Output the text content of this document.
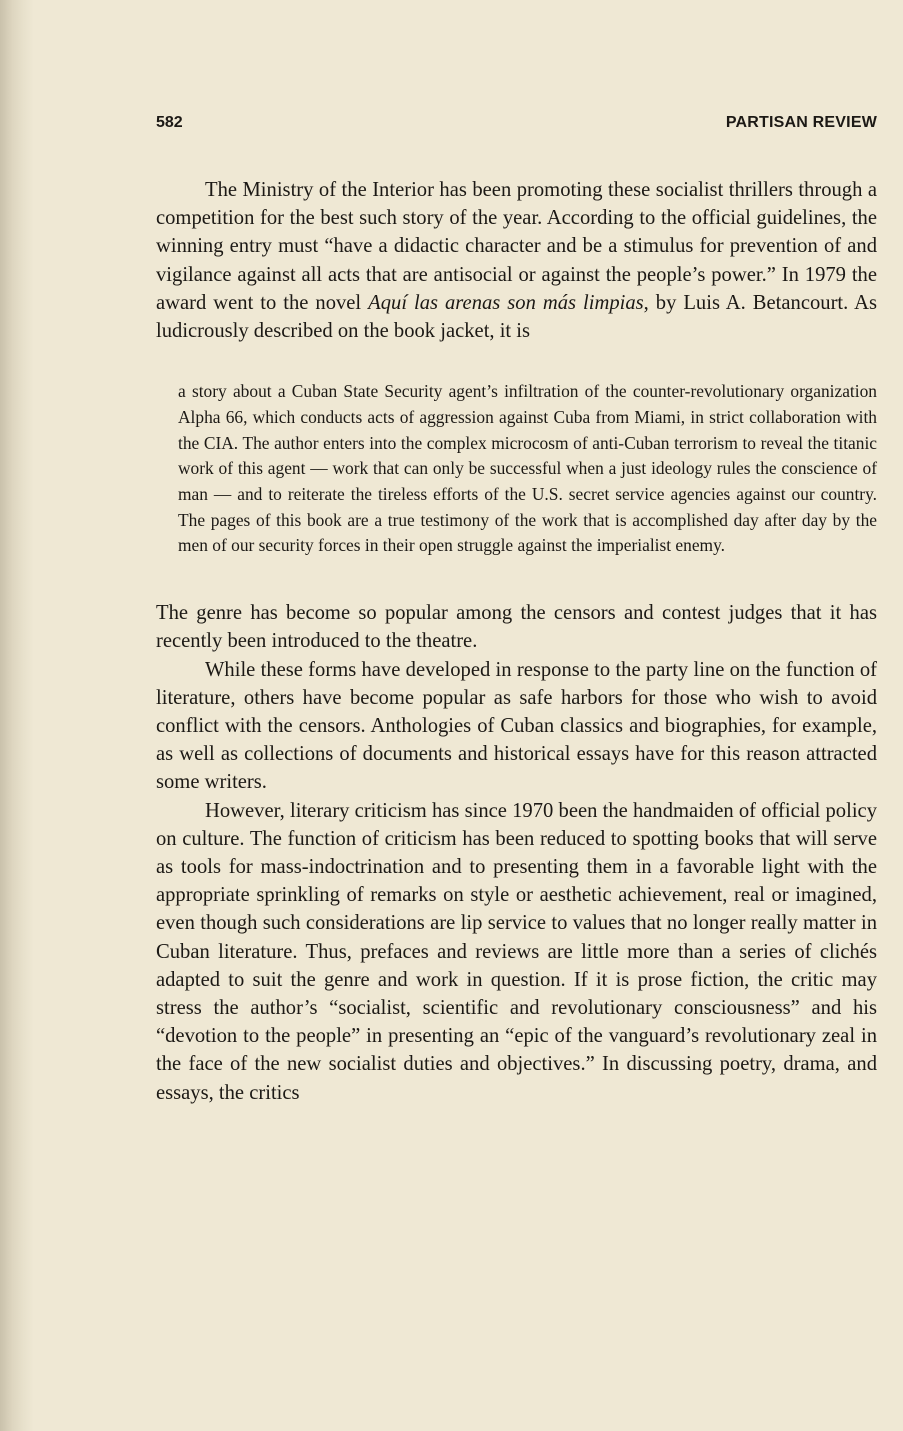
582	PARTISAN REVIEW

The Ministry of the Interior has been promoting these socialist thrillers through a competition for the best such story of the year. According to the official guidelines, the winning entry must “have a didactic character and be a stimulus for prevention of and vigilance against all acts that are antisocial or against the people’s power.” In 1979 the award went to the novel Aquí las arenas son más limpias, by Luis A. Betancourt. As ludicrously described on the book jacket, it is

a story about a Cuban State Security agent’s infiltration of the counter-revolutionary organization Alpha 66, which conducts acts of aggression against Cuba from Miami, in strict collaboration with the CIA. The author enters into the complex microcosm of anti-Cuban terrorism to reveal the titanic work of this agent — work that can only be successful when a just ideology rules the conscience of man — and to reiterate the tireless efforts of the U.S. secret service agencies against our country. The pages of this book are a true testimony of the work that is accomplished day after day by the men of our security forces in their open struggle against the imperialist enemy.

The genre has become so popular among the censors and contest judges that it has recently been introduced to the theatre.

While these forms have developed in response to the party line on the function of literature, others have become popular as safe harbors for those who wish to avoid conflict with the censors. Anthologies of Cuban classics and biographies, for example, as well as collections of documents and historical essays have for this reason attracted some writers.

However, literary criticism has since 1970 been the handmaiden of official policy on culture. The function of criticism has been reduced to spotting books that will serve as tools for mass-indoctrination and to presenting them in a favorable light with the appropriate sprinkling of remarks on style or aesthetic achievement, real or imagined, even though such considerations are lip service to values that no longer really matter in Cuban literature. Thus, prefaces and reviews are little more than a series of clichés adapted to suit the genre and work in question. If it is prose fiction, the critic may stress the author’s “socialist, scientific and revolutionary consciousness” and his “devotion to the people” in presenting an “epic of the vanguard’s revolutionary zeal in the face of the new socialist duties and objectives.” In discussing poetry, drama, and essays, the critics
